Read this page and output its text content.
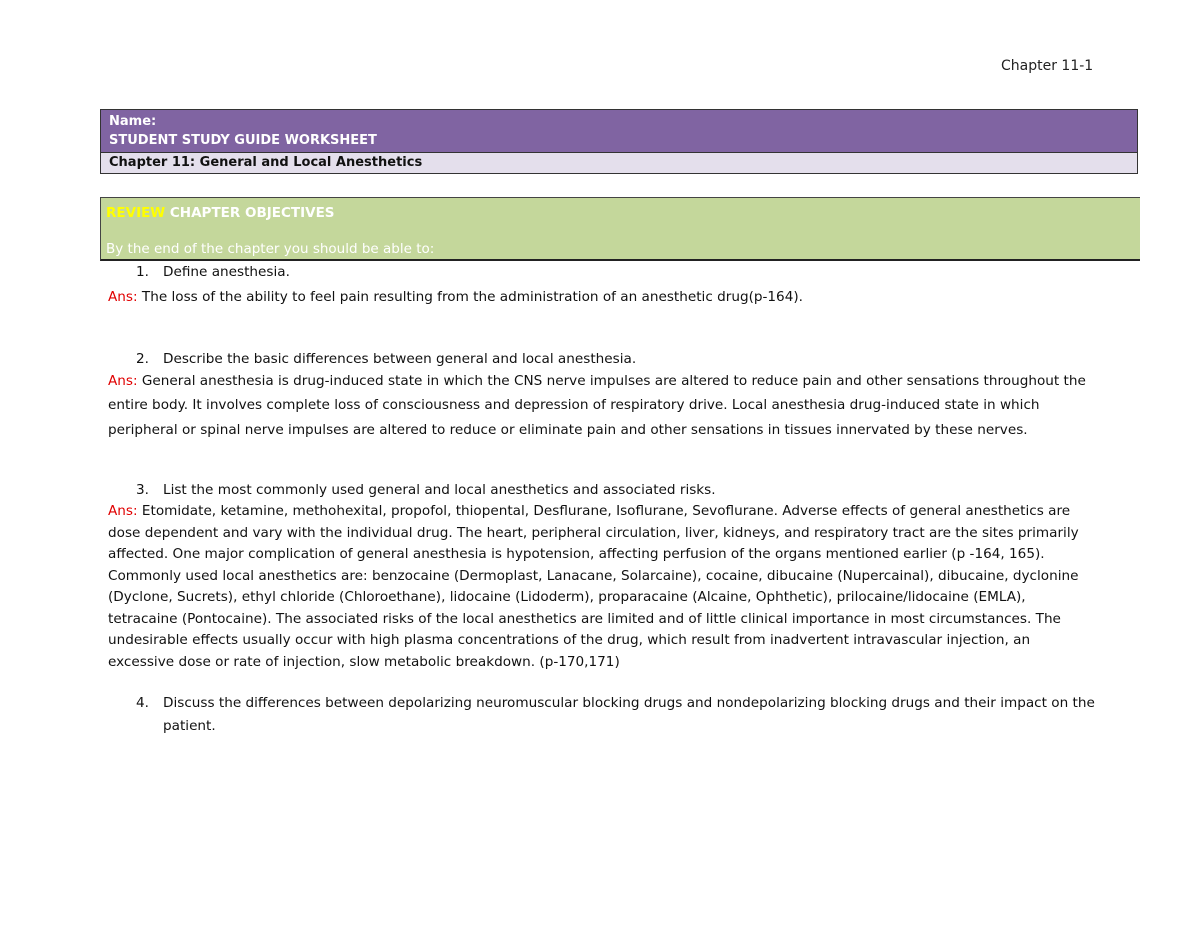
Chapter 11-1
Name:
STUDENT STUDY GUIDE WORKSHEET
Chapter 11: General and Local Anesthetics
REVIEW CHAPTER OBJECTIVES
By the end of the chapter you should be able to:
1. Define anesthesia.
Ans: The loss of the ability to feel pain resulting from the administration of an anesthetic drug(p-164).
2. Describe the basic differences between general and local anesthesia.
Ans: General anesthesia is drug-induced state in which the CNS nerve impulses are altered to reduce pain and other sensations throughout the entire body. It involves complete loss of consciousness and depression of respiratory drive. Local anesthesia drug-induced state in which peripheral or spinal nerve impulses are altered to reduce or eliminate pain and other sensations in tissues innervated by these nerves.
3. List the most commonly used general and local anesthetics and associated risks.
Ans: Etomidate, ketamine, methohexital, propofol, thiopental, Desflurane, Isoflurane, Sevoflurane. Adverse effects of general anesthetics are dose dependent and vary with the individual drug. The heart, peripheral circulation, liver, kidneys, and respiratory tract are the sites primarily affected. One major complication of general anesthesia is hypotension, affecting perfusion of the organs mentioned earlier (p -164, 165).
Commonly used local anesthetics are: benzocaine (Dermoplast, Lanacane, Solarcaine), cocaine, dibucaine (Nupercainal), dibucaine, dyclonine (Dyclone, Sucrets), ethyl chloride (Chloroethane), lidocaine (Lidoderm), proparacaine (Alcaine, Ophthetic), prilocaine/lidocaine (EMLA), tetracaine (Pontocaine). The associated risks of the local anesthetics are limited and of little clinical importance in most circumstances. The undesirable effects usually occur with high plasma concentrations of the drug, which result from inadvertent intravascular injection, an excessive dose or rate of injection, slow metabolic breakdown. (p-170,171)
4. Discuss the differences between depolarizing neuromuscular blocking drugs and nondepolarizing blocking drugs and their impact on the patient.
